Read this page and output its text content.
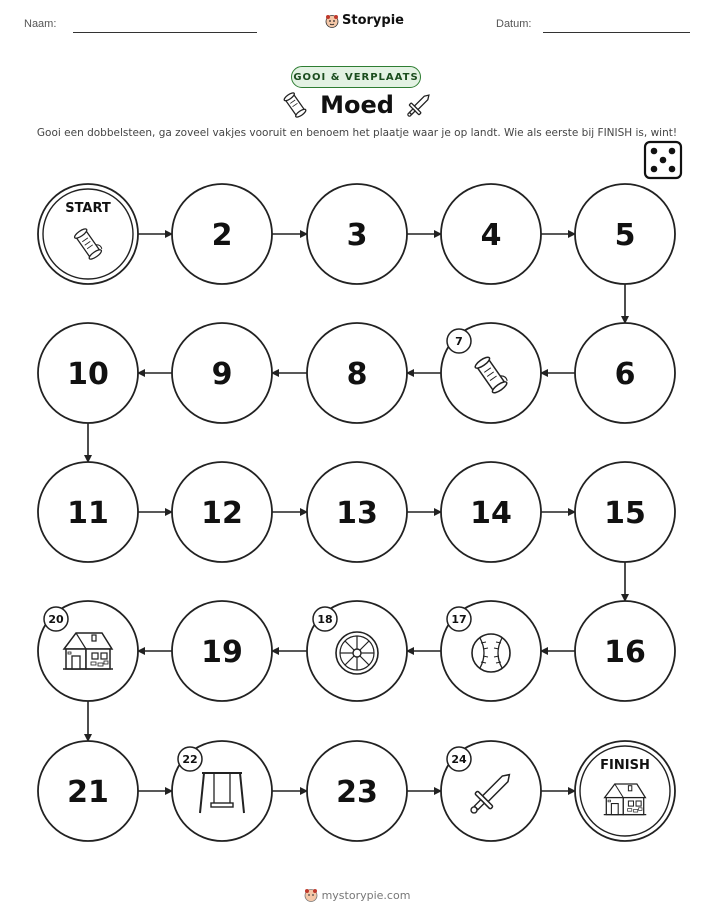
Naam:	Storypie	Datum:
GOOI & VERPLAATS
Moed
Gooi een dobbelsteen, ga zoveel vakjes vooruit en benoem het plaatje waar je op landt. Wie als eerste bij FINISH is, wint!
START
2	3	4	5
6
7
8
9
10
11	12	13	14	15
16
17
18
19
20
21
22
23
24	FINISH
mystorypie.com
